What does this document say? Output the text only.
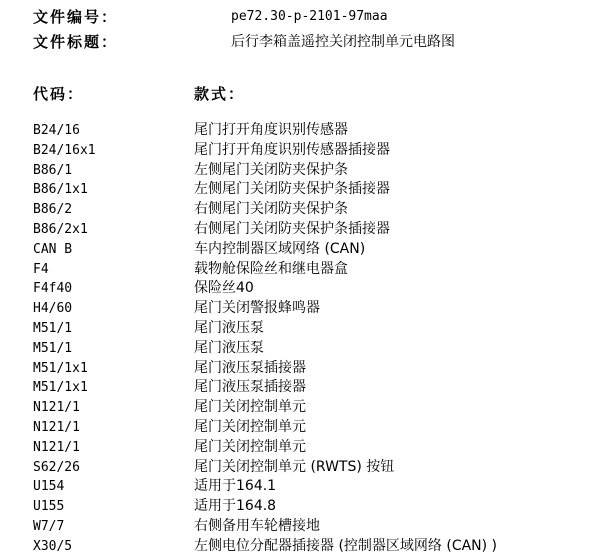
文件编号：	pe72.30-p-2101-97maa
文件标题：	后行李箱盖遥控关闭控制单元电路图
代码：	款式：
B24/16	尾门打开角度识别传感器
B24/16x1	尾门打开角度识别传感器插接器
B86/1	左侧尾门关闭防夹保护条
B86/1x1	左侧尾门关闭防夹保护条插接器
B86/2	右侧尾门关闭防夹保护条
B86/2x1	右侧尾门关闭防夹保护条插接器
CAN B	车内控制器区域网络 (CAN)
F4	载物舱保险丝和继电器盒
F4f40	保险丝40
H4/60	尾门关闭警报蜂鸣器
M51/1	尾门液压泵
M51/1	尾门液压泵
M51/1x1	尾门液压泵插接器
M51/1x1	尾门液压泵插接器
N121/1	尾门关闭控制单元
N121/1	尾门关闭控制单元
N121/1	尾门关闭控制单元
S62/26	尾门关闭控制单元 (RWTS) 按钮
U154	适用于164.1
U155	适用于164.8
W7/7	右侧备用车轮槽接地
X30/5	左侧电位分配器插接器 (控制器区域网络 (CAN) )
